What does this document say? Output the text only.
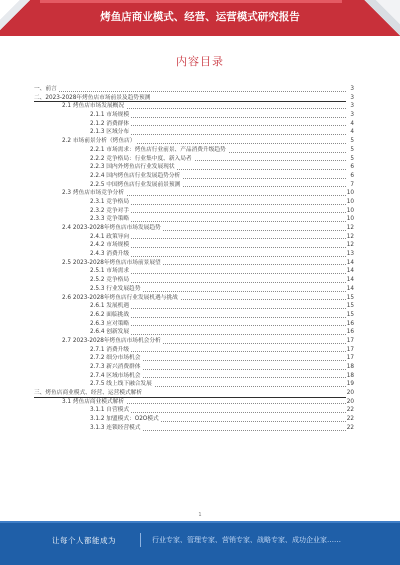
烤鱼店商业模式、经营、运营模式研究报告
内容目录
一、前言	3
二、2023-2028年烤鱼店市场前景及趋势预测	3
2.1 烤鱼店市场发展概况	3
2.1.1 市场规模	3
2.1.2 消费群体	4
2.1.3 区域分布	4
2.2 市场前景分析（烤鱼店）	5
2.2.1 市场需求：烤鱼店行业前景、产品消费升级趋势	5
2.2.2 竞争格局：行业集中度、新入局者	5
2.2.3 国内外烤鱼店行业发展现状	6
2.2.4 国内烤鱼店行业发展趋势分析	6
2.2.5 中国烤鱼店行业发展前景预测	7
2.3 烤鱼店市场竞争分析	10
2.3.1 竞争格局	10
2.3.2 竞争对手	10
2.3.3 竞争策略	10
2.4 2023-2028年烤鱼店市场发展趋势	12
2.4.1 政策导向	12
2.4.2 市场规模	12
2.4.3 消费升级	13
2.5 2023-2028年烤鱼店市场前景展望	14
2.5.1 市场需求	14
2.5.2 竞争格局	14
2.5.3 行业发展趋势	14
2.6 2023-2028年烤鱼店行业发展机遇与挑战	15
2.6.1 发展机遇	15
2.6.2 面临挑战	15
2.6.3 应对策略	16
2.6.4 创新发展	16
2.7 2023-2028年烤鱼店市场机会分析	17
2.7.1 消费升级	17
2.7.2 细分市场机会	17
2.7.3 新兴消费群体	18
2.7.4 区域市场机会	18
2.7.5 线上线下融合发展	19
三、烤鱼店商业模式、经营、运营模式解析	20
3.1 烤鱼店商业模式解析	20
3.1.1 自营模式	22
3.1.2 加盟模式：O2O模式	22
3.1.3 连锁经营模式	22
1
让每个人都能成为	行业专家、管理专家、营销专家、战略专家、成功企业家……
